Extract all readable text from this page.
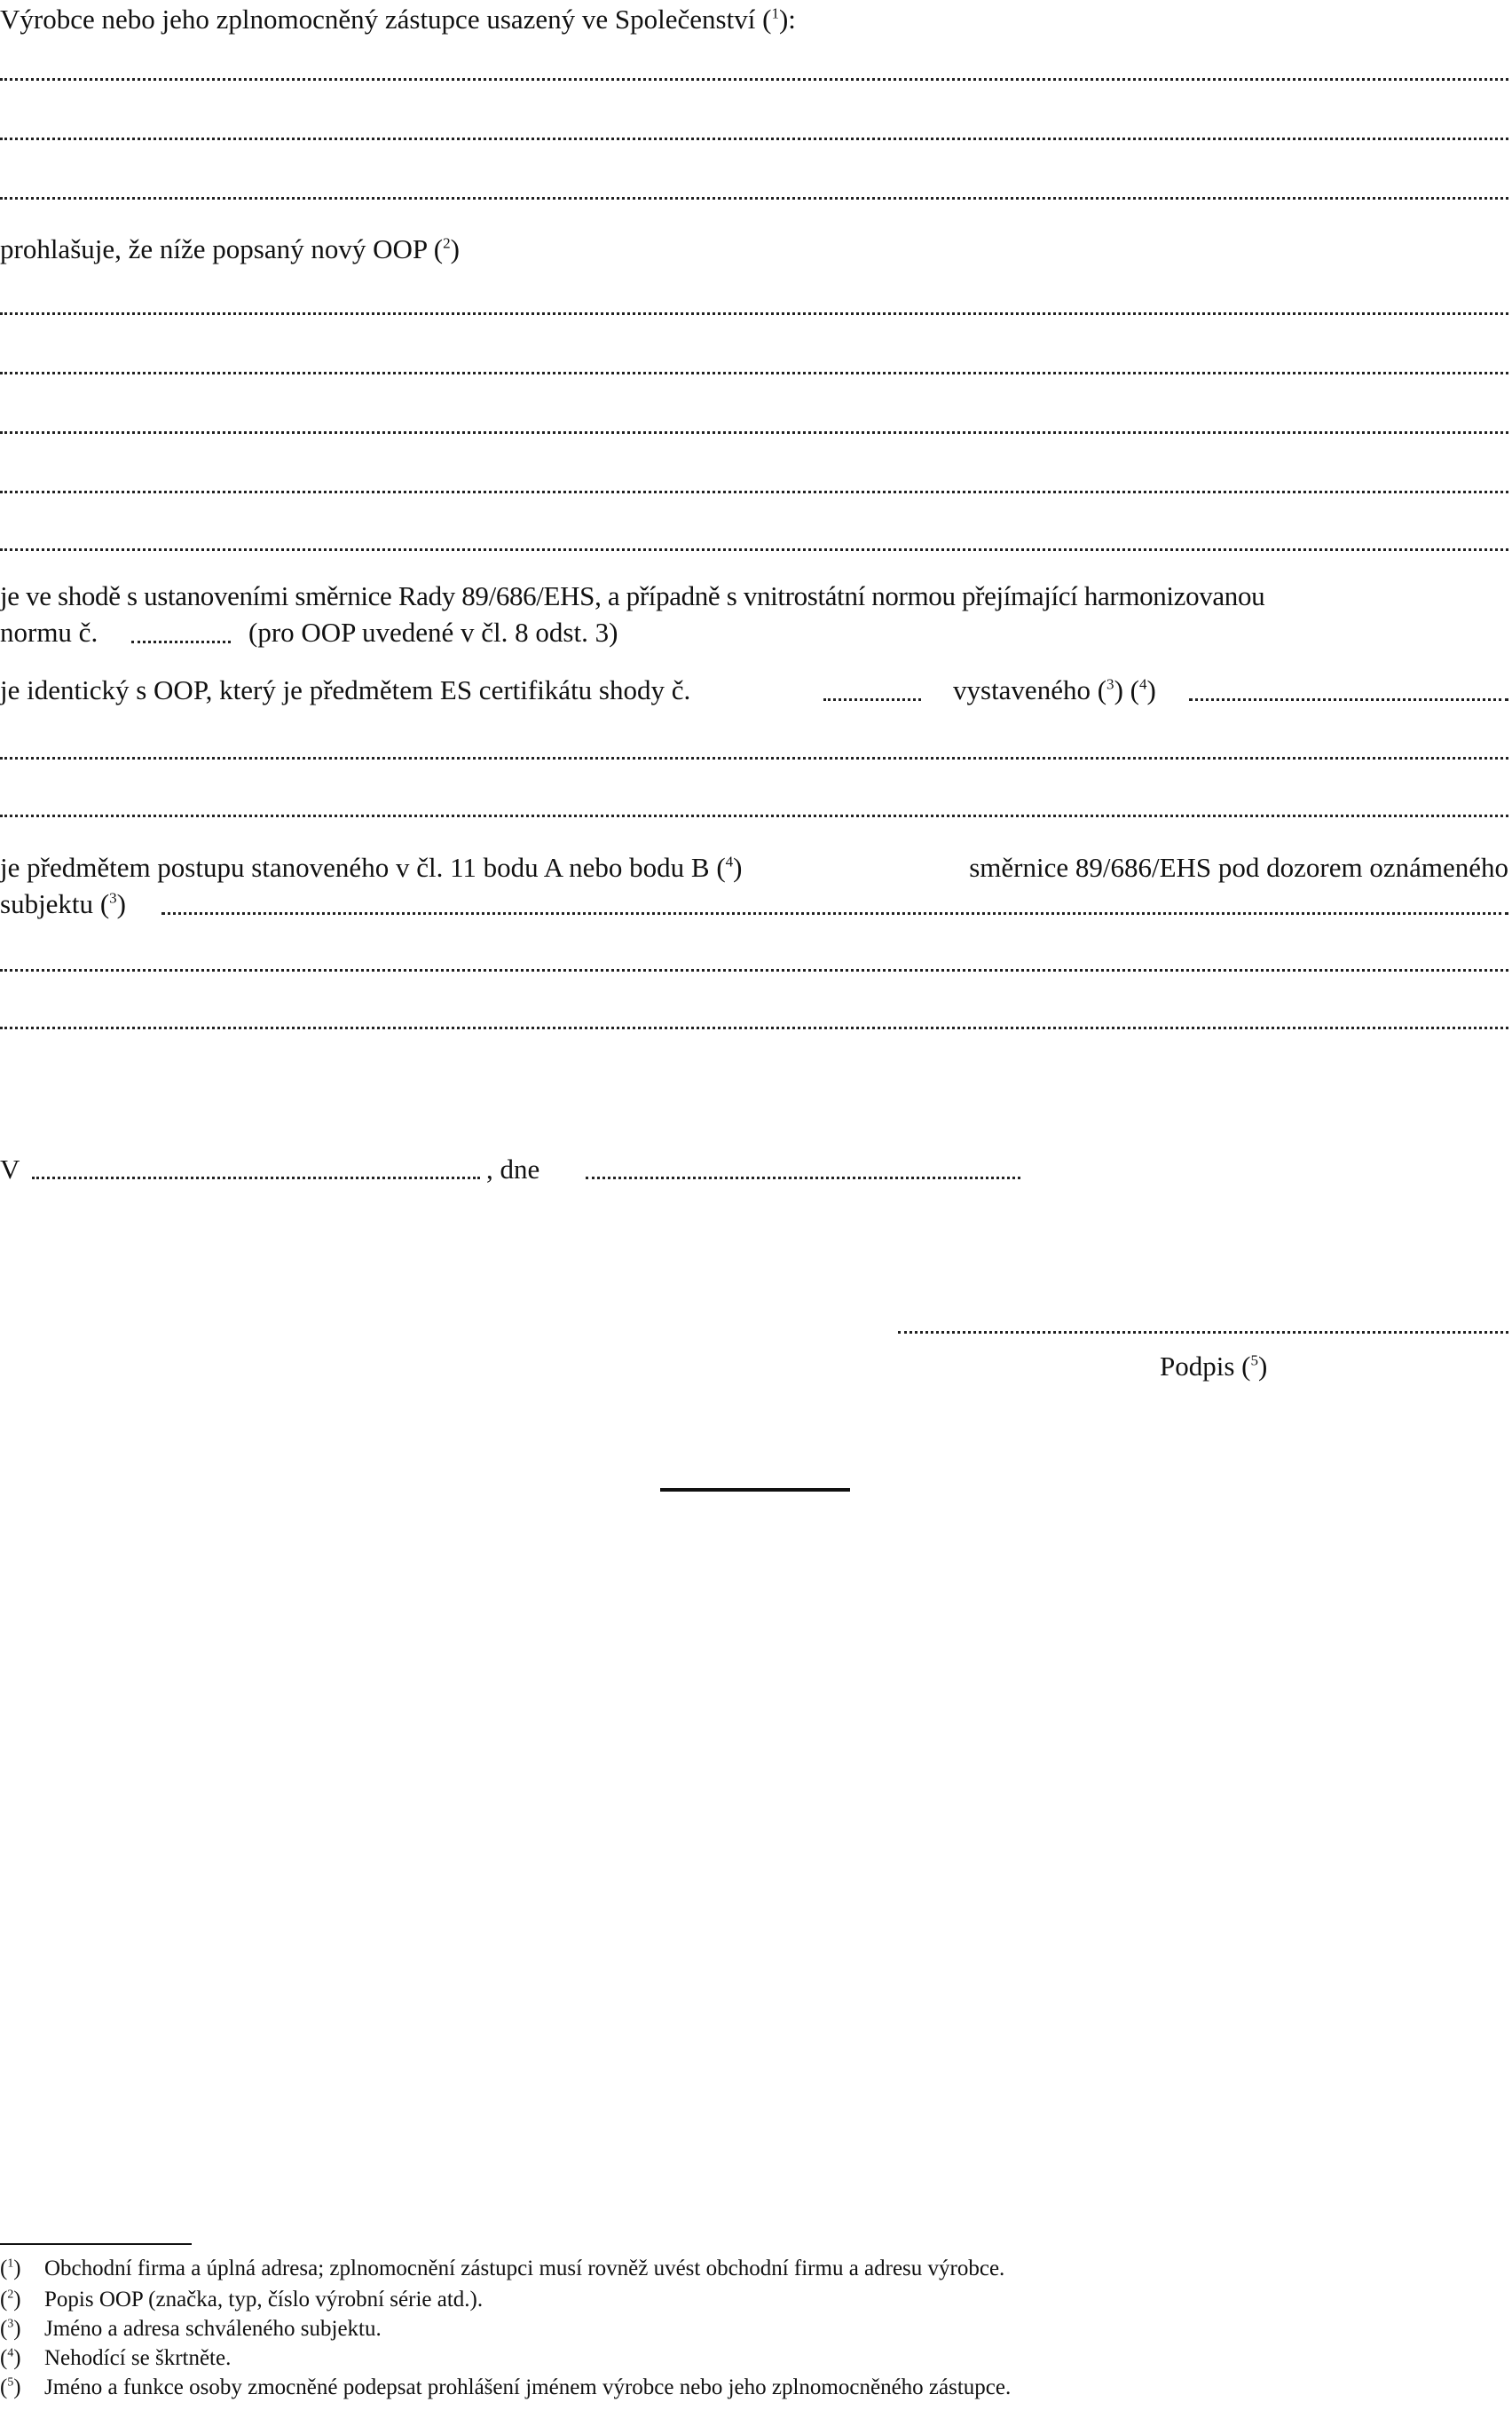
Výrobce nebo jeho zplnomocněný zástupce usazený ve Společenství ($^1$):
prohlašuje, že níže popsaný nový OOP ($^2$)
je ve shodě s ustanoveními směrnice Rady 89/686/EHS, a případně s vnitrostátní normou přejímající harmonizovanou
normu č.	(pro OOP uvedené v čl. 8 odst. 3)
je identický s OOP, který je předmětem ES certifikátu shody č.	vystaveného ($^3$) ($^4$)
je předmětem postupu stanoveného v čl. 11 bodu A nebo bodu B ($^4$)	směrnice 89/686/EHS pod dozorem oznámeného
subjektu ($^3$)
V	, dne
Podpis ($^5$)
($^1$) Obchodní firma a úplná adresa; zplnomocnění zástupci musí rovněž uvést obchodní firmu a adresu výrobce.
($^2$) Popis OOP (značka, typ, číslo výrobní série atd.).
($^3$) Jméno a adresa schváleného subjektu.
($^4$) Nehodící se škrtněte.
($^5$) Jméno a funkce osoby zmocněné podepsat prohlášení jménem výrobce nebo jeho zplnomocněného zástupce.
